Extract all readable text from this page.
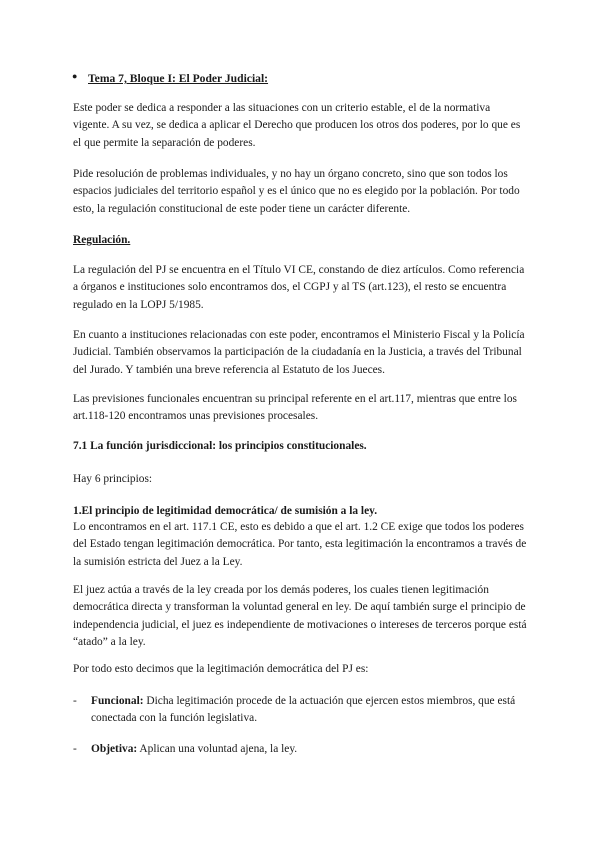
● Tema 7, Bloque I: El Poder Judicial:

Este poder se dedica a responder a las situaciones con un criterio estable, el de la normativa vigente. A su vez, se dedica a aplicar el Derecho que producen los otros dos poderes, por lo que es el que permite la separación de poderes.

Pide resolución de problemas individuales, y no hay un órgano concreto, sino que son todos los espacios judiciales del territorio español y es el único que no es elegido por la población. Por todo esto, la regulación constitucional de este poder tiene un carácter diferente.

Regulación.

La regulación del PJ se encuentra en el Título VI CE, constando de diez artículos. Como referencia a órganos e instituciones solo encontramos dos, el CGPJ y al TS (art.123), el resto se encuentra regulado en la LOPJ 5/1985.

En cuanto a instituciones relacionadas con este poder, encontramos el Ministerio Fiscal y la Policía Judicial. También observamos la participación de la ciudadanía en la Justicia, a través del Tribunal del Jurado. Y también una breve referencia al Estatuto de los Jueces.

Las previsiones funcionales encuentran su principal referente en el art.117, mientras que entre los art.118-120 encontramos unas previsiones procesales.

7.1 La función jurisdiccional: los principios constitucionales.

Hay 6 principios:

1.El principio de legitimidad democrática/ de sumisión a la ley.

Lo encontramos en el art. 117.1 CE, esto es debido a que el art. 1.2 CE exige que todos los poderes del Estado tengan legitimación democrática. Por tanto, esta legitimación la encontramos a través de la sumisión estricta del Juez a la Ley.

El juez actúa a través de la ley creada por los demás poderes, los cuales tienen legitimación democrática directa y transforman la voluntad general en ley. De aquí también surge el principio de independencia judicial, el juez es independiente de motivaciones o intereses de terceros porque está “atado” a la ley.

Por todo esto decimos que la legitimación democrática del PJ es:

- Funcional: Dicha legitimación procede de la actuación que ejercen estos miembros, que está conectada con la función legislativa.
- Objetiva: Aplican una voluntad ajena, la ley.
